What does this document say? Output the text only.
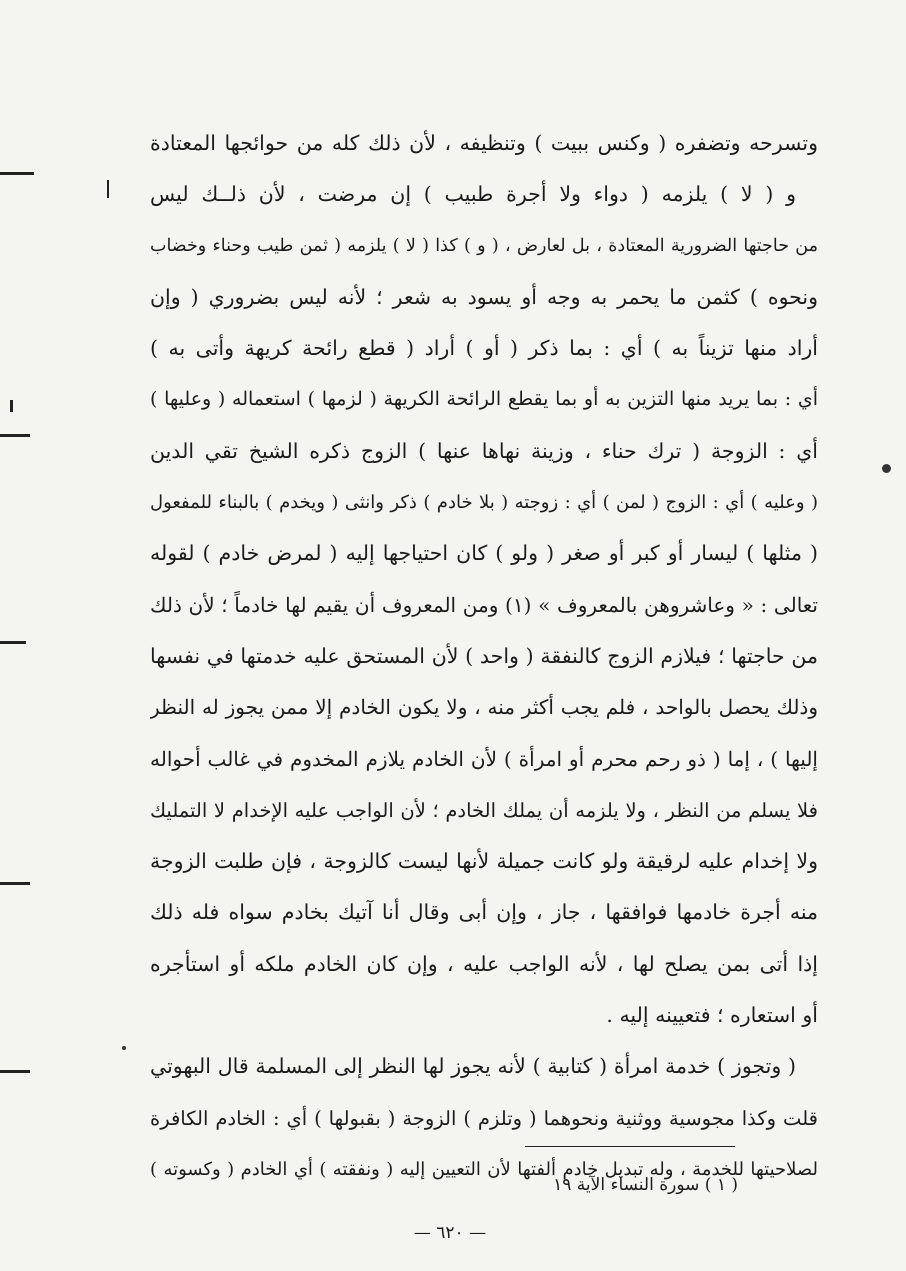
وتسرحه وتضفره ( وكنس ببيت ) وتنظيفه ، لأن ذلك كله من حوائجها المعتادة
و ( لا ) يلزمه ( دواء ولا أجرة طبيب ) إن مرضت ، لأن ذلــك ليس
من حاجتها الضرورية المعتادة ، بل لعارض ، ( و ) كذا ( لا ) يلزمه ( ثمن طيب وحناء وخضاب
ونحوه ) كثمن ما يحمر به وجه أو يسود به شعر ؛ لأنه ليس بضروري ( وإن
أراد منها تزيناً به ) أي : بما ذكر ( أو ) أراد ( قطع رائحة كريهة وأتى به )
أي : بما يريد منها التزين به أو بما يقطع الرائحة الكريهة ( لزمها ) استعماله ( وعليها )
أي : الزوجة ( ترك حناء ، وزينة نهاها عنها ) الزوج ذكره الشيخ تقي الدين
( وعليه ) أي : الزوج ( لمن ) أي : زوجته ( بلا خادم ) ذكر وانثى ( ويخدم ) بالبناء للمفعول
( مثلها ) ليسار أو كبر أو صغر ( ولو ) كان احتياجها إليه ( لمرض خادم ) لقوله
تعالى : « وعاشروهن بالمعروف » (١) ومن المعروف أن يقيم لها خادماً ؛ لأن ذلك
من حاجتها ؛ فيلازم الزوج كالنفقة ( واحد ) لأن المستحق عليه خدمتها في نفسها
وذلك يحصل بالواحد ، فلم يجب أكثر منه ، ولا يكون الخادم إلا ممن يجوز له النظر
إليها ) ، إما ( ذو رحم محرم أو امرأة ) لأن الخادم يلازم المخدوم في غالب أحواله
فلا يسلم من النظر ، ولا يلزمه أن يملك الخادم ؛ لأن الواجب عليه الإخدام لا التمليك
ولا إخدام عليه لرقيقة ولو كانت جميلة لأنها ليست كالزوجة ، فإن طلبت الزوجة
منه أجرة خادمها فوافقها ، جاز ، وإن أبى وقال أنا آتيك بخادم سواه فله ذلك
إذا أتى بمن يصلح لها ، لأنه الواجب عليه ، وإن كان الخادم ملكه أو استأجره
أو استعاره ؛ فتعيينه إليه .
( وتجوز ) خدمة امرأة ( كتابية ) لأنه يجوز لها النظر إلى المسلمة قال البهوتي
قلت وكذا مجوسية ووثنية ونحوهما ( وتلزم ) الزوجة ( بقبولها ) أي : الخادم الكافرة
لصلاحيتها للخدمة ، وله تبديل خادم ألفتها لأن التعيين إليه ( ونفقته ) أي الخادم ( وكسوته )
( ١ ) سورة النساء الآية ١٩
— ٦٢٠ —
